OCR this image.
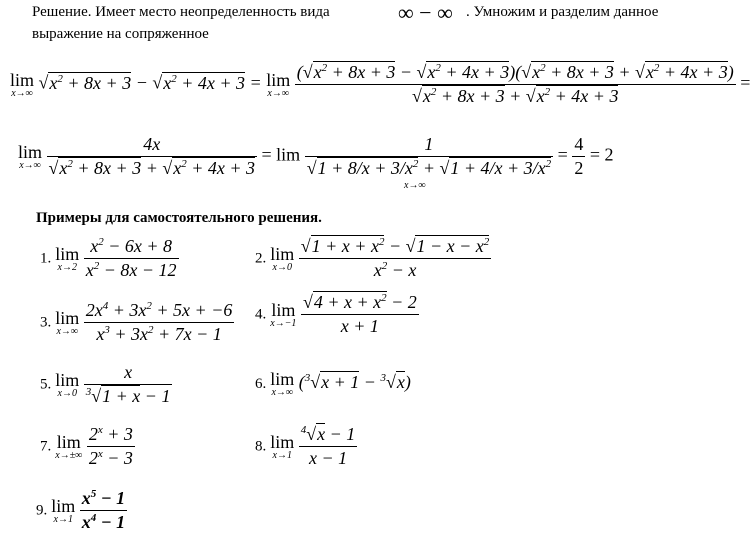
Решение. Имеет место неопределенность вида	∞ − ∞ . Умножим и разделим данное
выражение на сопряженное
lim
x→∞
$√x^2 + 8x + 3 - √x^2 + 4x + 3 = \lim$
x→∞
$\frac{(√x^2 + 8x + 3 - √x^2 + 4x + 3)(√x^2 + 8x + 3 + √x^2 + 4x + 3)}{√x^2 + 8x + 3 + √x^2 + 4x + 3}$ =
lim
x→∞
$\frac{4x}{√x^2 + 8x + 3 + √x^2 + 4x + 3} = \lim \frac{1}{√1 + 8/x + 3/x^2 + √1 + 4/x + 3/x^2} = \frac{4}{2} = 2$
x→∞
Примеры для самостоятельного решения.
1. lim
x→2
$\frac{x^2 - 6x + 8}{x^2 - 8x - 12}$	2. lim
x→0
$\frac{√1 + x + x^2 - √1 - x - x^2}{x^2 - x}$
3. lim
x→∞
$\frac{2x^4 + 3x^2 + 5x + -6}{x^3 + 3x^2 + 7x - 1} 4$. lim
x→−1
$\frac{√4 + x + x^2 - 2}{x + 1}$
5. lim
x→0
$\frac{x}{^3√1 + x - 1}$	6. lim
x→∞
($^3$√x + 1 − $^3$√x)
7. lim
x→±∞
$\frac{2^x + 3}{2^x - 3}$	8. lim
x→1
$\frac{^4√x - 1}{x - 1}$
9. lim
x→1
$\frac{x^5 - 1}{x^4 - 1}$
